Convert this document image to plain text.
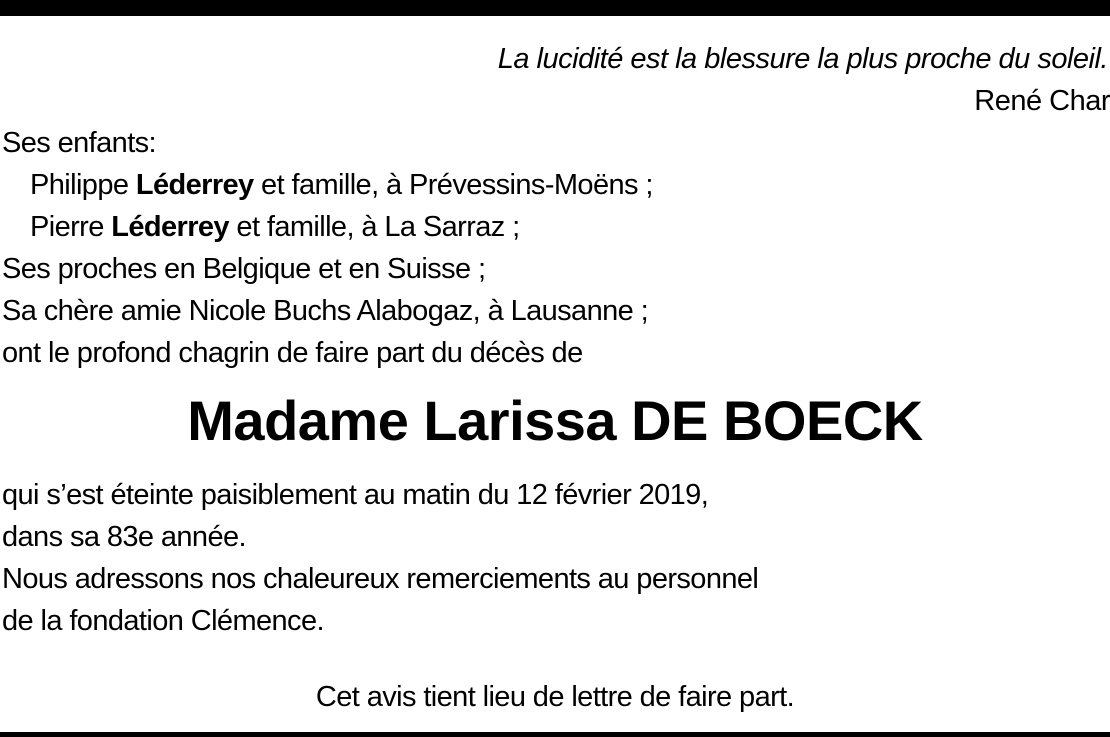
La lucidité est la blessure la plus proche du soleil.
René Char
Ses enfants:
Philippe Léderrey et famille, à Prévessins-Moëns ;
Pierre Léderrey et famille, à La Sarraz ;
Ses proches en Belgique et en Suisse ;
Sa chère amie Nicole Buchs Alabogaz, à Lausanne ;
ont le profond chagrin de faire part du décès de
Madame Larissa DE BOECK
qui s’est éteinte paisiblement au matin du 12 février 2019,
dans sa 83e année.
Nous adressons nos chaleureux remerciements au personnel
de la fondation Clémence.
Cet avis tient lieu de lettre de faire part.
